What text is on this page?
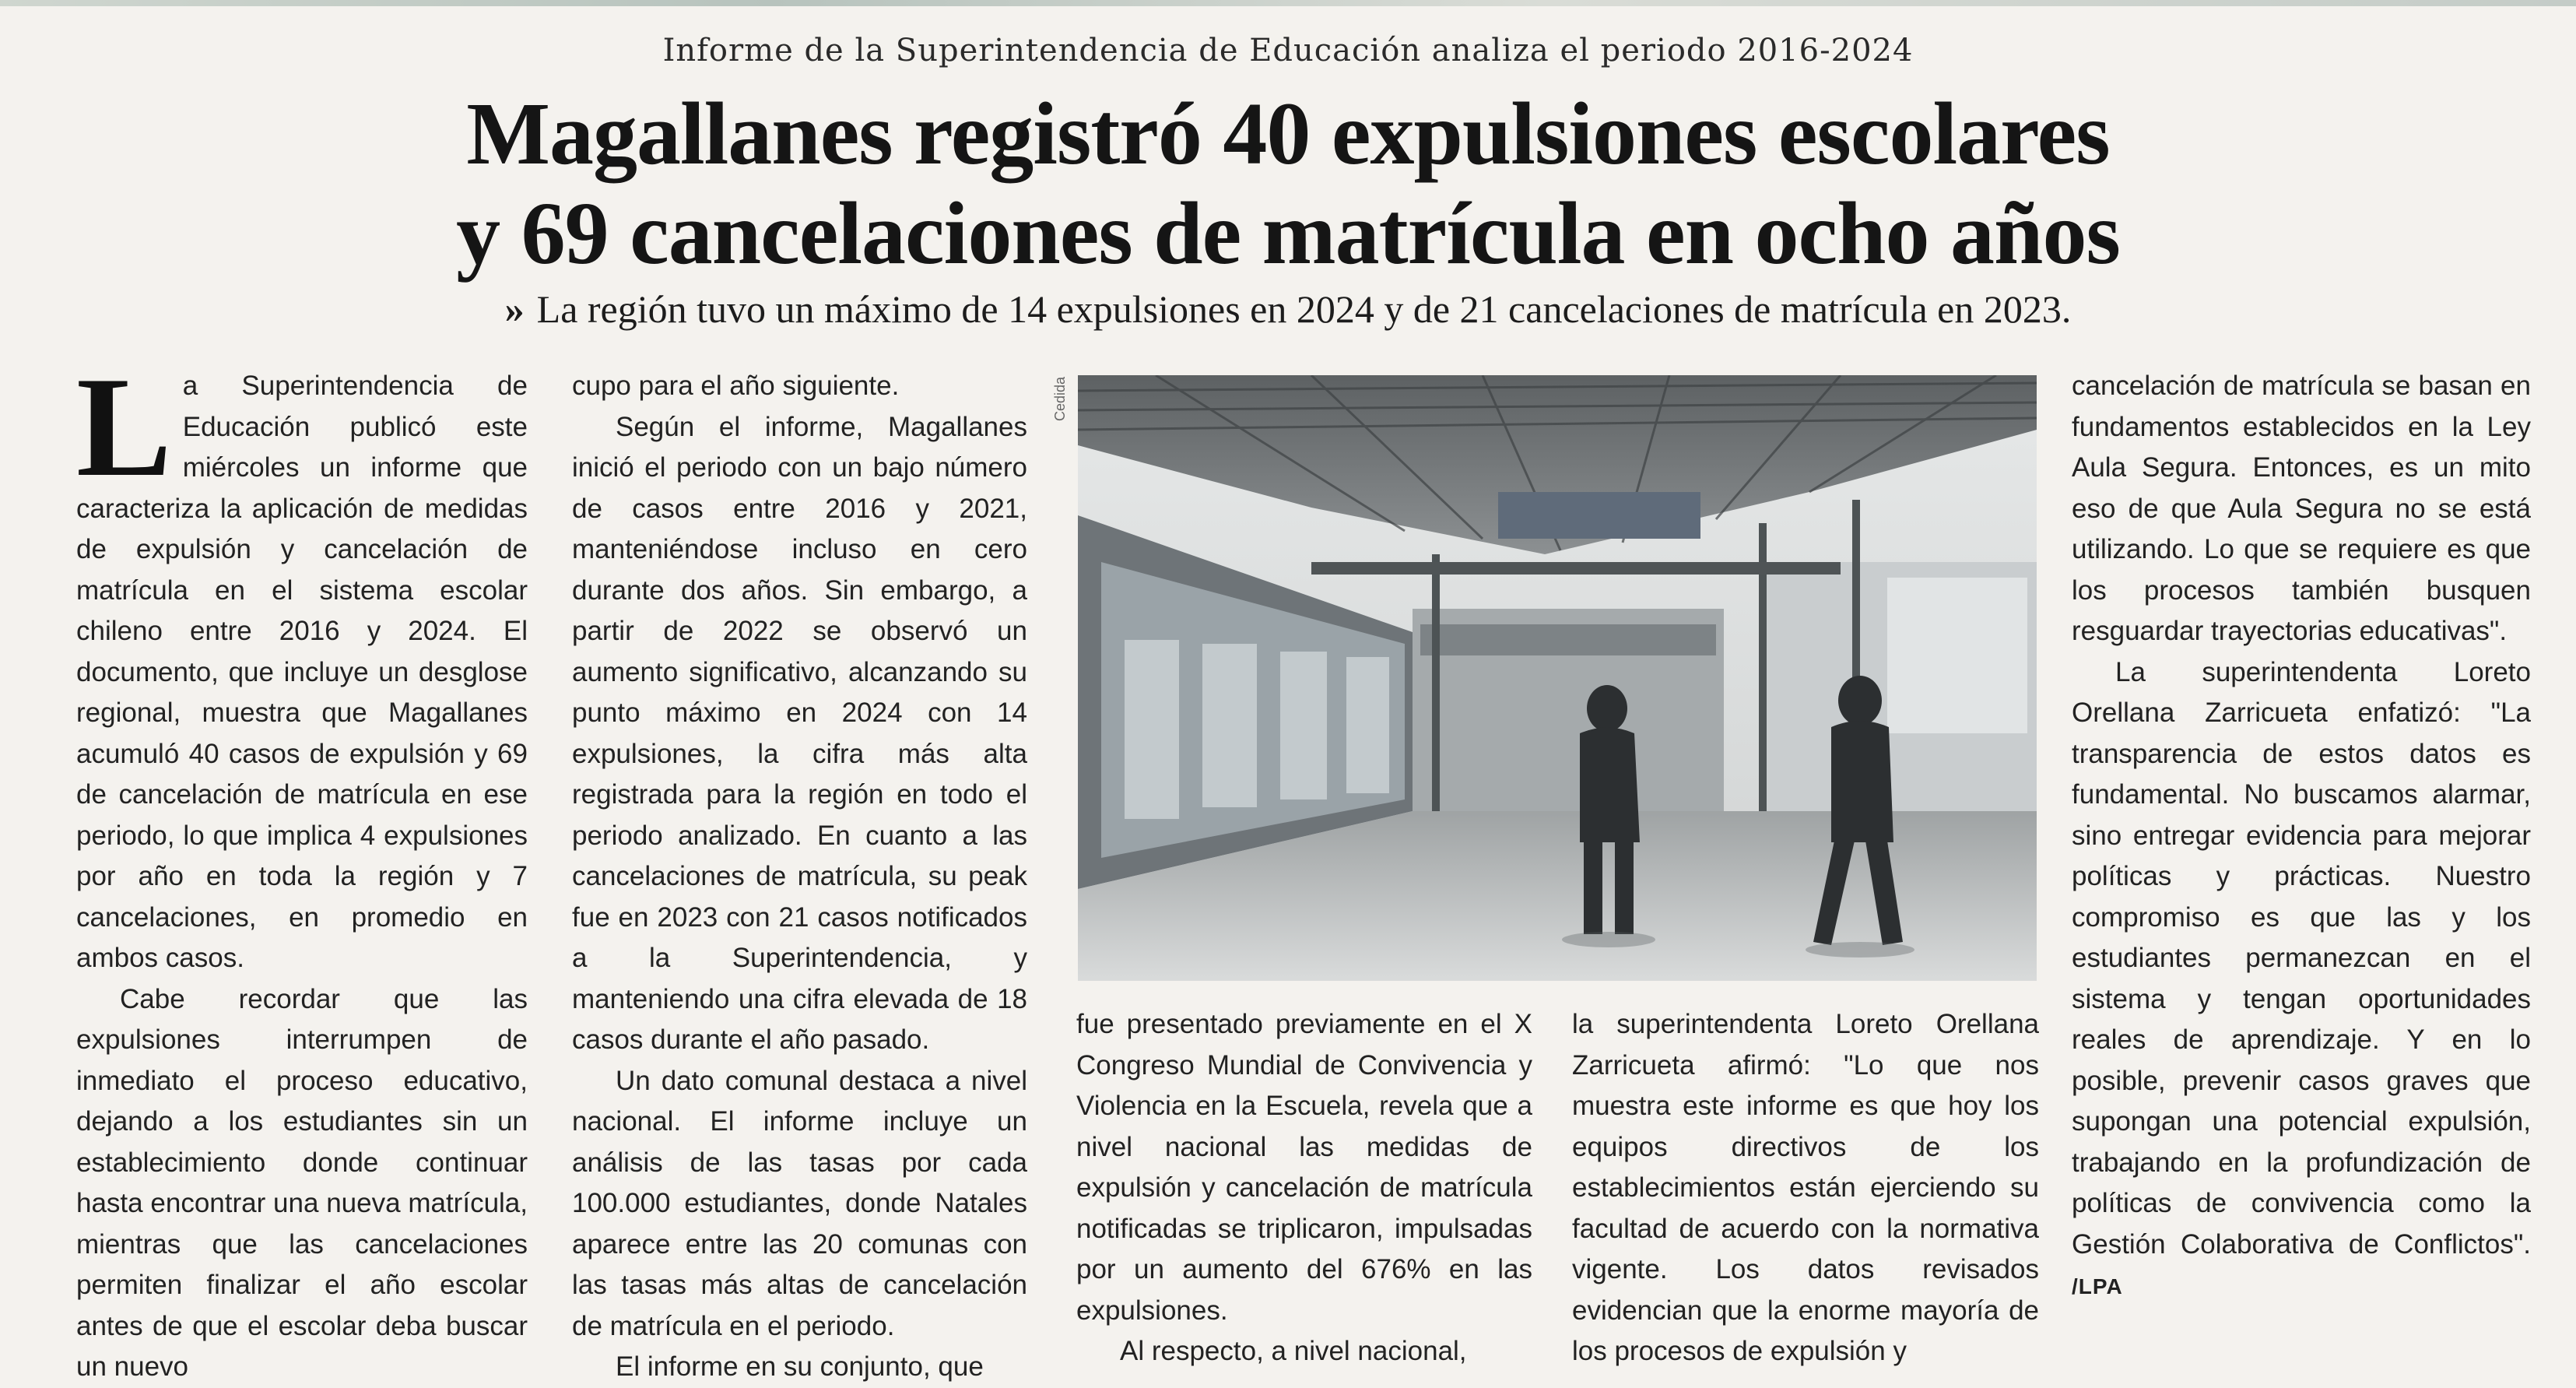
Informe de la Superintendencia de Educación analiza el periodo 2016-2024
Magallanes registró 40 expulsiones escolares
y 69 cancelaciones de matrícula en ocho años
» La región tuvo un máximo de 14 expulsiones en 2024 y de 21 cancelaciones de matrícula en 2023.

La Superintendencia de Educación publicó este miércoles un informe que caracteriza la aplicación de medidas de expulsión y cancelación de matrícula en el sistema escolar chileno entre 2016 y 2024. El documento, que incluye un desglose regional, muestra que Magallanes acumuló 40 casos de expulsión y 69 de cancelación de matrícula en ese periodo, lo que implica 4 expulsiones por año en toda la región y 7 cancelaciones, en promedio en ambos casos.

Cabe recordar que las expulsiones interrumpen de inmediato el proceso educativo, dejando a los estudiantes sin un establecimiento donde continuar hasta encontrar una nueva matrícula, mientras que las cancelaciones permiten finalizar el año escolar antes de que el escolar deba buscar un nuevo

cupo para el año siguiente.

Según el informe, Magallanes inició el periodo con un bajo número de casos entre 2016 y 2021, manteniéndose incluso en cero durante dos años. Sin embargo, a partir de 2022 se observó un aumento significativo, alcanzando su punto máximo en 2024 con 14 expulsiones, la cifra más alta registrada para la región en todo el periodo analizado. En cuanto a las cancelaciones de matrícula, su peak fue en 2023 con 21 casos notificados a la Superintendencia, y manteniendo una cifra elevada de 18 casos durante el año pasado.

Un dato comunal destaca a nivel nacional. El informe incluye un análisis de las tasas por cada 100.000 estudiantes, donde Natales aparece entre las 20 comunas con las tasas más altas de cancelación de matrícula en el periodo.

El informe en su conjunto, que

Cedida

fue presentado previamente en el X Congreso Mundial de Convivencia y Violencia en la Escuela, revela que a nivel nacional las medidas de expulsión y cancelación de matrícula notificadas se triplicaron, impulsadas por un aumento del 676% en las expulsiones.

Al respecto, a nivel nacional,

la superintendenta Loreto Orellana Zarricueta afirmó: "Lo que nos muestra este informe es que hoy los equipos directivos de los establecimientos están ejerciendo su facultad de acuerdo con la normativa vigente. Los datos revisados evidencian que la enorme mayoría de los procesos de expulsión y

cancelación de matrícula se basan en fundamentos establecidos en la Ley Aula Segura. Entonces, es un mito eso de que Aula Segura no se está utilizando. Lo que se requiere es que los procesos también busquen resguardar trayectorias educativas".

La superintendenta Loreto Orellana Zarricueta enfatizó: "La transparencia de estos datos es fundamental. No buscamos alarmar, sino entregar evidencia para mejorar políticas y prácticas. Nuestro compromiso es que las y los estudiantes permanezcan en el sistema y tengan oportunidades reales de aprendizaje. Y en lo posible, prevenir casos graves que supongan una potencial expulsión, trabajando en la profundización de políticas de convivencia como la Gestión Colaborativa de Conflictos". /LPA
